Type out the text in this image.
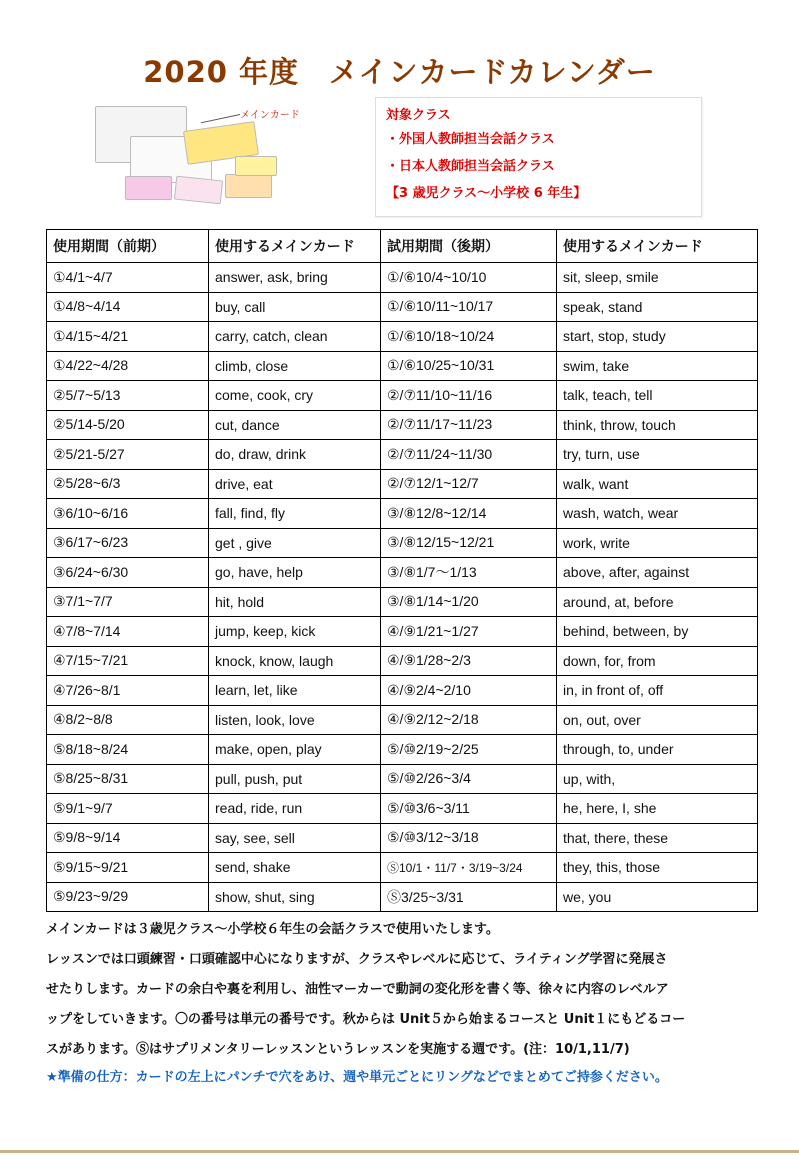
2020 年度　メインカードカレンダー
メインカード	対象クラス
・外国人教師担当会話クラス
・日本人教師担当会話クラス
【3 歳児クラス～小学校 6 年生】
使用期間（前期）	使用するメインカード	試用期間（後期）	使用するメインカード
①4/1~4/7	answer, ask, bring	①/⑥10/4~10/10	sit, sleep, smile
①4/8~4/14	buy, call	①/⑥10/11~10/17	speak, stand
①4/15~4/21	carry, catch, clean	①/⑥10/18~10/24	start, stop, study
①4/22~4/28	climb, close	①/⑥10/25~10/31	swim, take
②5/7~5/13	come, cook, cry	②/⑦11/10~11/16	talk, teach, tell
②5/14-5/20	cut, dance	②/⑦11/17~11/23	think, throw, touch
②5/21-5/27	do, draw, drink	②/⑦11/24~11/30	try, turn, use
②5/28~6/3	drive, eat	②/⑦12/1~12/7	walk, want
③6/10~6/16	fall, find, fly	③/⑧12/8~12/14	wash, watch, wear
③6/17~6/23	get , give	③/⑧12/15~12/21	work, write
③6/24~6/30	go, have, help	③/⑧1/7〜1/13	above, after, against
③7/1~7/7	hit, hold	③/⑧1/14~1/20	around, at, before
④7/8~7/14	jump, keep, kick	④/⑨1/21~1/27	behind, between, by
④7/15~7/21	knock, know, laugh	④/⑨1/28~2/3	down, for, from
④7/26~8/1	learn, let, like	④/⑨2/4~2/10	in, in front of, off
④8/2~8/8	listen, look, love	④/⑨2/12~2/18	on, out, over
⑤8/18~8/24	make, open, play	⑤/⑩2/19~2/25	through, to, under
⑤8/25~8/31	pull, push, put	⑤/⑩2/26~3/4	up, with,
⑤9/1~9/7	read, ride, run	⑤/⑩3/6~3/11	he, here, I, she
⑤9/8~9/14	say, see, sell	⑤/⑩3/12~3/18	that, there, these
⑤9/15~9/21	send, shake	Ⓢ10/1・11/7・3/19~3/24	they, this, those
⑤9/23~9/29	show, shut, sing	Ⓢ3/25~3/31	we, you

メインカードは３歳児クラス～小学校６年生の会話クラスで使用いたします。

レッスンでは口頭練習・口頭確認中心になりますが、クラスやレベルに応じて、ライティング学習に発展さ

せたりします。カードの余白や裏を利用し、油性マーカーで動詞の変化形を書く等、徐々に内容のレベルア

ップをしていきます。〇の番号は単元の番号です。秋からは Unit５から始まるコースと Unit１にもどるコー

スがあります。Ⓢはサプリメンタリーレッスンというレッスンを実施する週です。(注：10/1,11/7)

★準備の仕方：カードの左上にパンチで穴をあけ、週や単元ごとにリングなどでまとめてご持参ください。
